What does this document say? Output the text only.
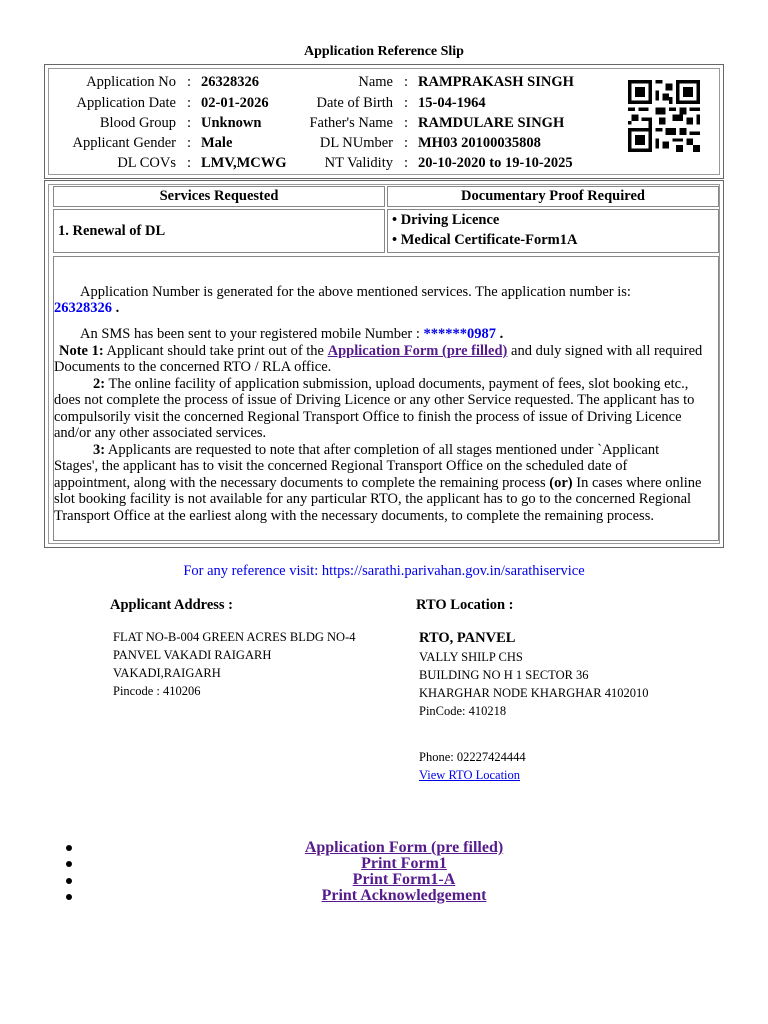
Application Reference Slip
Application No
Application Date
Blood Group
Applicant Gender
DL COVs
:
:
:
:
:
26328326
02-01-2026
Unknown
Male
LMV,MCWG
Name
Date of Birth
Father's Name
DL NUmber
NT Validity
:
:
:
:
:
RAMPRAKASH SINGH
15-04-1964
RAMDULARE SINGH
MH03 20100035808
20-10-2020 to 19-10-2025
Services Requested	Documentary Proof Required
1. Renewal of DL
• Driving Licence
• Medical Certificate-Form1A
Application Number is generated for the above mentioned services. The application number is:
26328326 .
An SMS has been sent to your registered mobile Number : ******0987 .
Note 1: Applicant should take print out of the Application Form (pre filled) and duly signed with all required Documents to the concerned RTO / RLA office.
2: The online facility of application submission, upload documents, payment of fees, slot booking etc., does not complete the process of issue of Driving Licence or any other Service requested. The applicant has to compulsorily visit the concerned Regional Transport Office to finish the process of issue of Driving Licence and/or any other associated services.
3: Applicants are requested to note that after completion of all stages mentioned under `Applicant Stages', the applicant has to visit the concerned Regional Transport Office on the scheduled date of appointment, along with the necessary documents to complete the remaining process (or) In cases where online slot booking facility is not available for any particular RTO, the applicant has to go to the concerned Regional Transport Office at the earliest along with the necessary documents, to complete the remaining process.
For any reference visit: https://sarathi.parivahan.gov.in/sarathiservice
Applicant Address :	RTO Location :
FLAT NO-B-004 GREEN ACRES BLDG NO-4
PANVEL VAKADI RAIGARH
VAKADI,RAIGARH
Pincode : 410206
RTO, PANVEL
VALLY SHILP CHS
BUILDING NO H 1 SECTOR 36
KHARGHAR NODE KHARGHAR 4102010
PinCode: 410218
Phone: 02227424444
View RTO Location
Application Form (pre filled)
Print Form1
Print Form1-A
Print Acknowledgement
